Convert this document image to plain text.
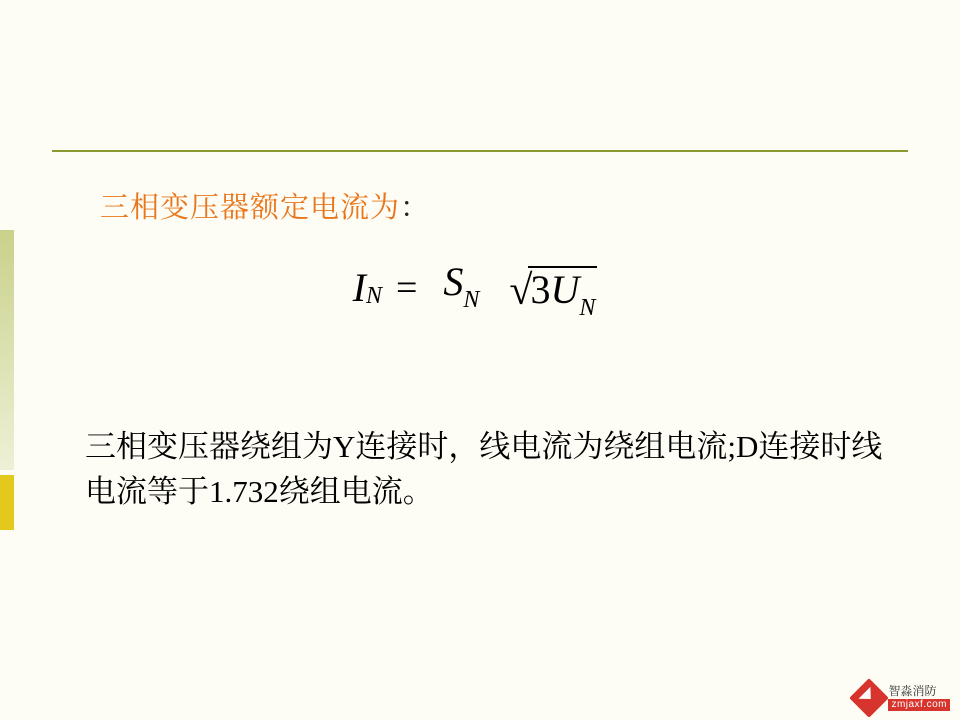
三相变压器额定电流为：
I N = SN √3UN
三相变压器绕组为Y连接时，线电流为绕组电流;D连接时线电流等于1.732绕组电流。
智淼消防
zmjaxf.com
